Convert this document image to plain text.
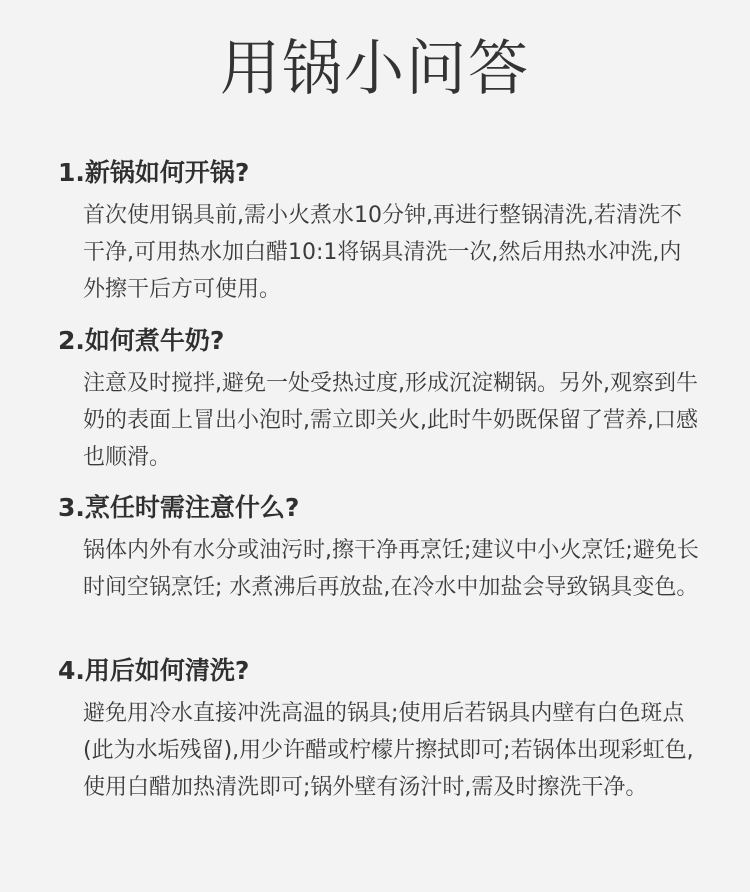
用锅小问答
1.新锅如何开锅?

首次使用锅具前,需小火煮水10分钟,再进行整锅清洗,若清洗不干净,可用热水加白醋10:1将锅具清洗一次,然后用热水冲洗,内外擦干后方可使用。

2.如何煮牛奶?

注意及时搅拌,避免一处受热过度,形成沉淀糊锅。另外,观察到牛奶的表面上冒出小泡时,需立即关火,此时牛奶既保留了营养,口感也顺滑。

3.烹任时需注意什么?

锅体内外有水分或油污时,擦干净再烹饪;建议中小火烹饪;避免长时间空锅烹饪; 水煮沸后再放盐,在冷水中加盐会导致锅具变色。

4.用后如何清洗?

避免用冷水直接冲洗高温的锅具;使用后若锅具内壁有白色斑点(此为水垢残留),用少许醋或柠檬片擦拭即可;若锅体出现彩虹色,使用白醋加热清洗即可;锅外壁有汤汁时,需及时擦洗干净。
